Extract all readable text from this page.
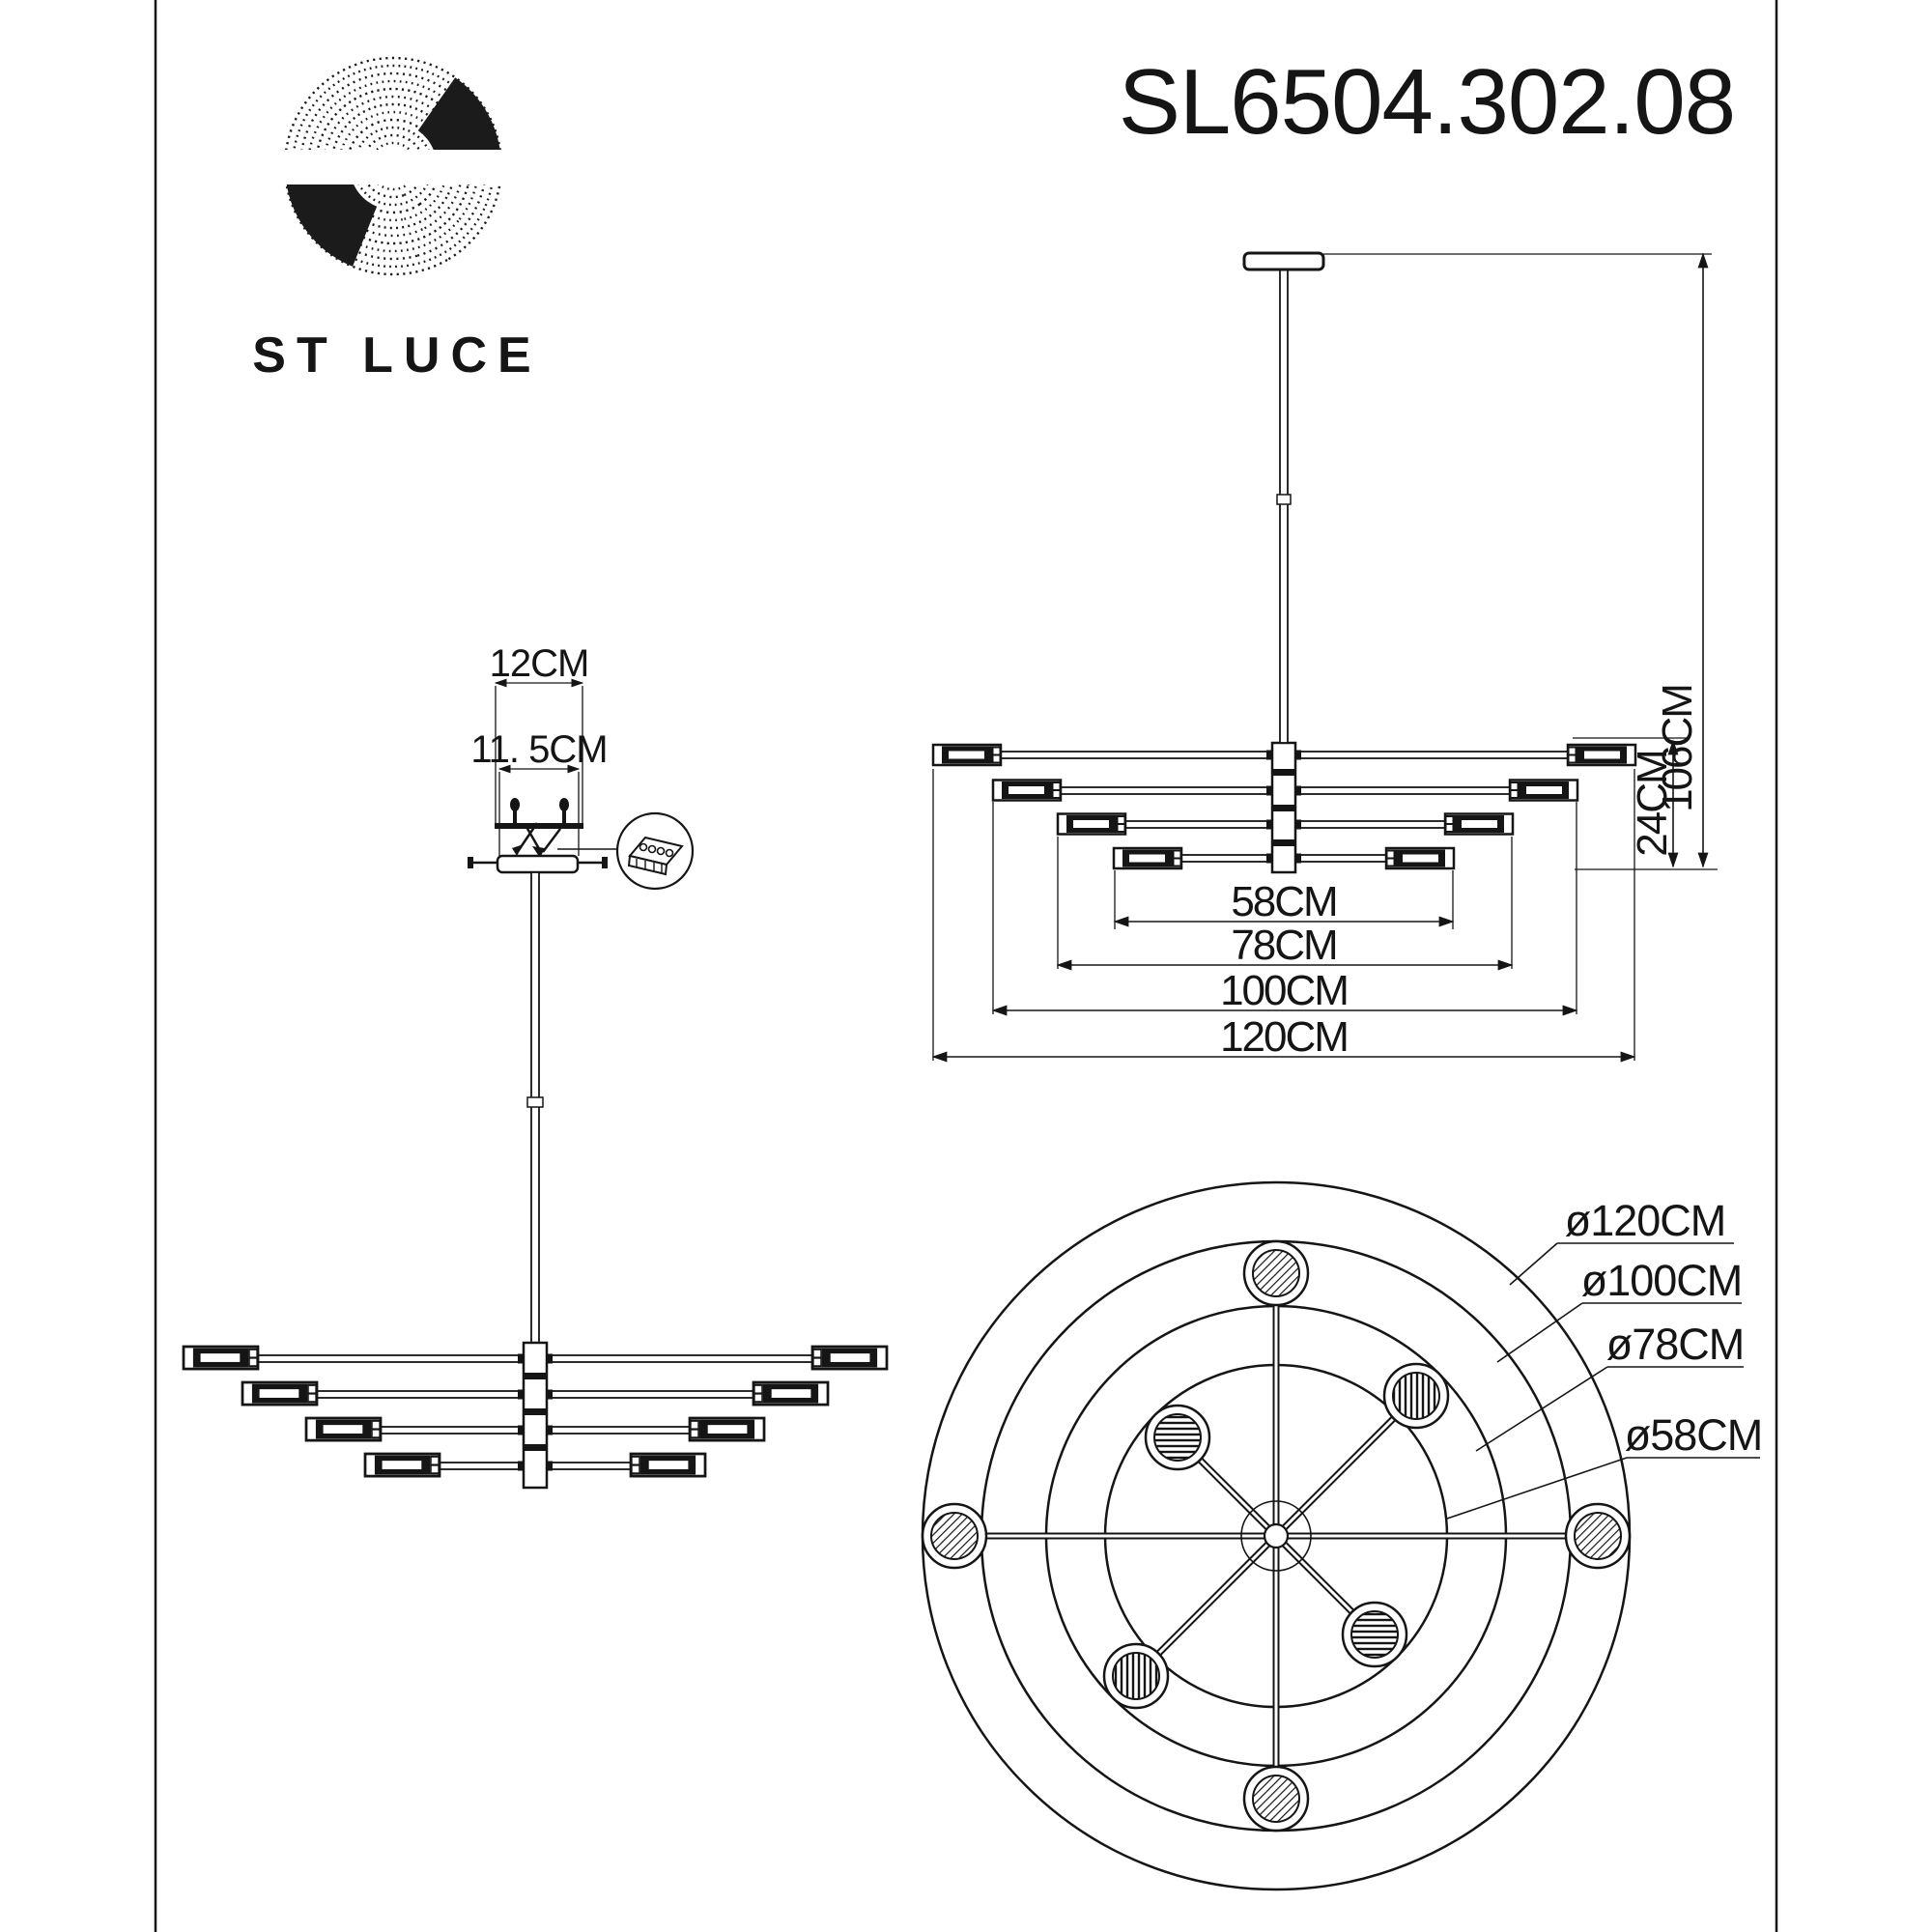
ST LUCE
SL6504.302.08
58CM
78CM
100CM
120CM
24CM
106CM
12CM
11. 5CM
ø120CM
ø100CM
ø78CM
ø58CM
